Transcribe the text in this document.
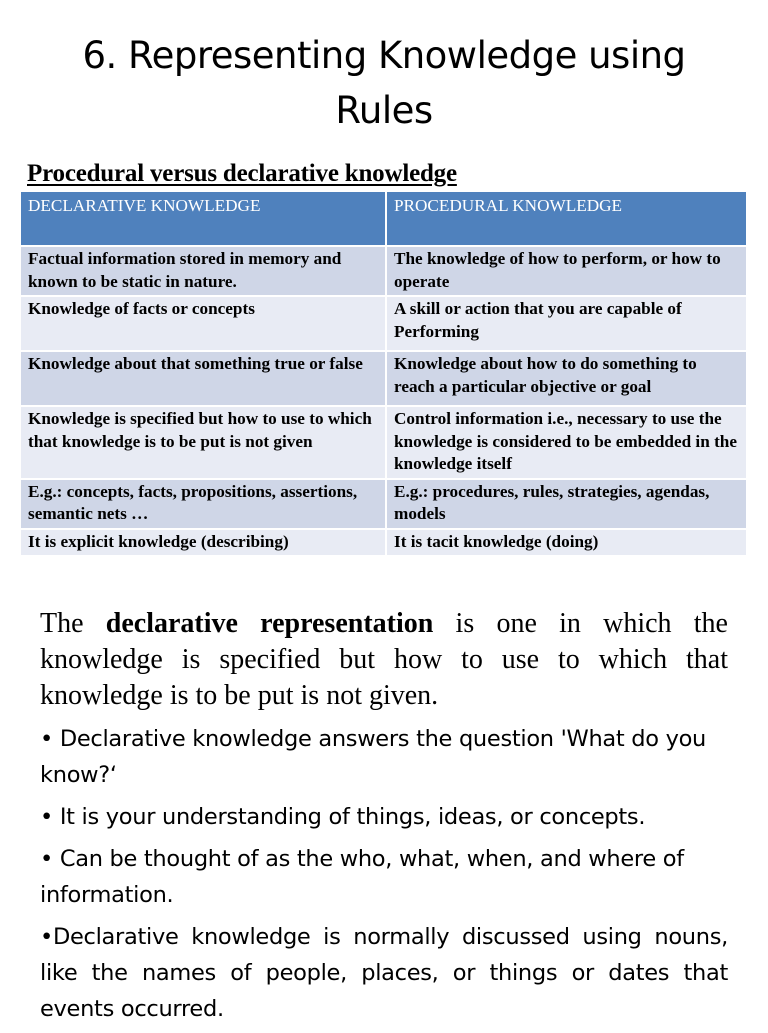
6. Representing Knowledge using
Rules
Procedural versus declarative knowledge
DECLARATIVE KNOWLEDGE	PROCEDURAL KNOWLEDGE
Factual information stored in memory and known to be static in nature.	The knowledge of how to perform, or how to operate
Knowledge of facts or concepts	A skill or action that you are capable of Performing
Knowledge about that something true or false	Knowledge about how to do something to reach a particular objective or goal
Knowledge is specified but how to use to which that knowledge is to be put is not given	Control information i.e., necessary to use the knowledge is considered to be embedded in the knowledge itself
E.g.: concepts, facts, propositions, assertions, semantic nets …	E.g.: procedures, rules, strategies, agendas, models
It is explicit knowledge (describing)	It is tacit knowledge (doing)
The declarative representation is one in which the knowledge is specified but how to use to which that knowledge is to be put is not given.

• Declarative knowledge answers the question 'What do you know?‘

• It is your understanding of things, ideas, or concepts.

• Can be thought of as the who, what, when, and where of information.

•Declarative knowledge is normally discussed using nouns, like the names of people, places, or things or dates that events occurred.
